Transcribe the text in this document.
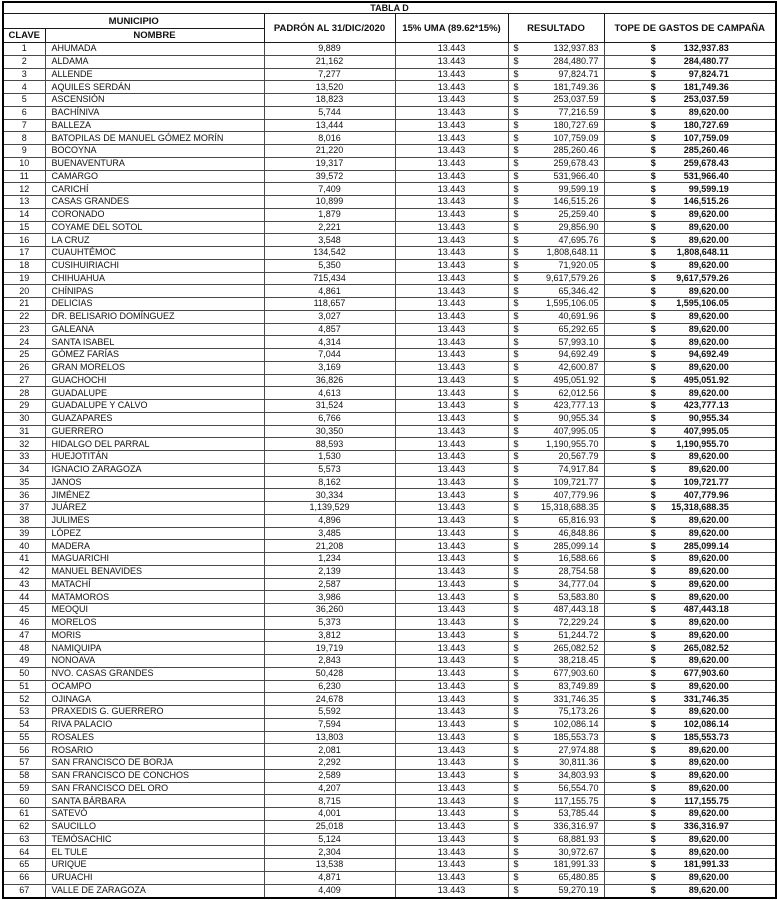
TABLA D					
MUNICIPIO		PADRÓN AL 31/DIC/2020	15% UMA (89.62*15%)	RESULTADO	TOPE DE GASTOS DE CAMPAÑA
CLAVE	NOMBRE				
1	AHUMADA	9,889	13.443	$ 132,937.83	$ 132,937.83

2	ALDAMA	21,162	13.443	$ 284,480.77	$ 284,480.77

3	ALLENDE	7,277	13.443	$ 97,824.71	$ 97,824.71

4	AQUILES SERDÁN	13,520	13.443	$ 181,749.36	$ 181,749.36

5	ASCENSIÓN	18,823	13.443	$ 253,037.59	$ 253,037.59

6	BACHÍNIVA	5,744	13.443	$ 77,216.59	$ 89,620.00

7	BALLEZA	13,444	13.443	$ 180,727.69	$ 180,727.69

8	BATOPILAS DE MANUEL GÓMEZ MORÍN	8,016	13.443	$ 107,759.09	$ 107,759.09

9	BOCOYNA	21,220	13.443	$ 285,260.46	$ 285,260.46

10	BUENAVENTURA	19,317	13.443	$ 259,678.43	$ 259,678.43

11	CAMARGO	39,572	13.443	$ 531,966.40	$ 531,966.40

12	CARICHÍ	7,409	13.443	$ 99,599.19	$ 99,599.19

13	CASAS GRANDES	10,899	13.443	$ 146,515.26	$ 146,515.26

14	CORONADO	1,879	13.443	$ 25,259.40	$ 89,620.00

15	COYAME DEL SOTOL	2,221	13.443	$ 29,856.90	$ 89,620.00

16	LA CRUZ	3,548	13.443	$ 47,695.76	$ 89,620.00

17	CUAUHTÉMOC	134,542	13.443	$ 1,808,648.11	$ 1,808,648.11

18	CUSIHUIRIACHI	5,350	13.443	$ 71,920.05	$ 89,620.00

19	CHIHUAHUA	715,434	13.443	$ 9,617,579.26	$ 9,617,579.26

20	CHÍNIPAS	4,861	13.443	$ 65,346.42	$ 89,620.00

21	DELICIAS	118,657	13.443	$ 1,595,106.05	$ 1,595,106.05

22	DR. BELISARIO DOMÍNGUEZ	3,027	13.443	$ 40,691.96	$ 89,620.00

23	GALEANA	4,857	13.443	$ 65,292.65	$ 89,620.00

24	SANTA ISABEL	4,314	13.443	$ 57,993.10	$ 89,620.00

25	GÓMEZ FARÍAS	7,044	13.443	$ 94,692.49	$ 94,692.49

26	GRAN MORELOS	3,169	13.443	$ 42,600.87	$ 89,620.00

27	GUACHOCHI	36,826	13.443	$ 495,051.92	$ 495,051.92

28	GUADALUPE	4,613	13.443	$ 62,012.56	$ 89,620.00

29	GUADALUPE Y CALVO	31,524	13.443	$ 423,777.13	$ 423,777.13

30	GUAZAPARES	6,766	13.443	$ 90,955.34	$ 90,955.34

31	GUERRERO	30,350	13.443	$ 407,995.05	$ 407,995.05

32	HIDALGO DEL PARRAL	88,593	13.443	$ 1,190,955.70	$ 1,190,955.70

33	HUEJOTITÁN	1,530	13.443	$ 20,567.79	$ 89,620.00

34	IGNACIO ZARAGOZA	5,573	13.443	$ 74,917.84	$ 89,620.00

35	JANOS	8,162	13.443	$ 109,721.77	$ 109,721.77

36	JIMÉNEZ	30,334	13.443	$ 407,779.96	$ 407,779.96

37	JUÁREZ	1,139,529	13.443	$ 15,318,688.35	$ 15,318,688.35

38	JULIMES	4,896	13.443	$ 65,816.93	$ 89,620.00

39	LÓPEZ	3,485	13.443	$ 46,848.86	$ 89,620.00

40	MADERA	21,208	13.443	$ 285,099.14	$ 285,099.14

41	MAGUARICHI	1,234	13.443	$ 16,588.66	$ 89,620.00

42	MANUEL BENAVIDES	2,139	13.443	$ 28,754.58	$ 89,620.00

43	MATACHÍ	2,587	13.443	$ 34,777.04	$ 89,620.00

44	MATAMOROS	3,986	13.443	$ 53,583.80	$ 89,620.00

45	MEOQUI	36,260	13.443	$ 487,443.18	$ 487,443.18

46	MORELOS	5,373	13.443	$ 72,229.24	$ 89,620.00

47	MORIS	3,812	13.443	$ 51,244.72	$ 89,620.00

48	NAMIQUIPA	19,719	13.443	$ 265,082.52	$ 265,082.52

49	NONOAVA	2,843	13.443	$ 38,218.45	$ 89,620.00

50	NVO. CASAS GRANDES	50,428	13.443	$ 677,903.60	$ 677,903.60

51	OCAMPO	6,230	13.443	$ 83,749.89	$ 89,620.00

52	OJINAGA	24,678	13.443	$ 331,746.35	$ 331,746.35

53	PRAXEDIS G. GUERRERO	5,592	13.443	$ 75,173.26	$ 89,620.00

54	RIVA PALACIO	7,594	13.443	$ 102,086.14	$ 102,086.14

55	ROSALES	13,803	13.443	$ 185,553.73	$ 185,553.73

56	ROSARIO	2,081	13.443	$ 27,974.88	$ 89,620.00

57	SAN FRANCISCO DE BORJA	2,292	13.443	$ 30,811.36	$ 89,620.00

58	SAN FRANCISCO DE CONCHOS	2,589	13.443	$ 34,803.93	$ 89,620.00

59	SAN FRANCISCO DEL ORO	4,207	13.443	$ 56,554.70	$ 89,620.00

60	SANTA BÁRBARA	8,715	13.443	$ 117,155.75	$ 117,155.75

61	SATEVÓ	4,001	13.443	$ 53,785.44	$ 89,620.00

62	SAUCILLO	25,018	13.443	$ 336,316.97	$ 336,316.97

63	TEMÓSACHIC	5,124	13.443	$ 68,881.93	$ 89,620.00

64	EL TULE	2,304	13.443	$ 30,972.67	$ 89,620.00

65	URIQUE	13,538	13.443	$ 181,991.33	$ 181,991.33

66	URUACHI	4,871	13.443	$ 65,480.85	$ 89,620.00

67	VALLE DE ZARAGOZA	4,409	13.443	$ 59,270.19	$ 89,620.00
